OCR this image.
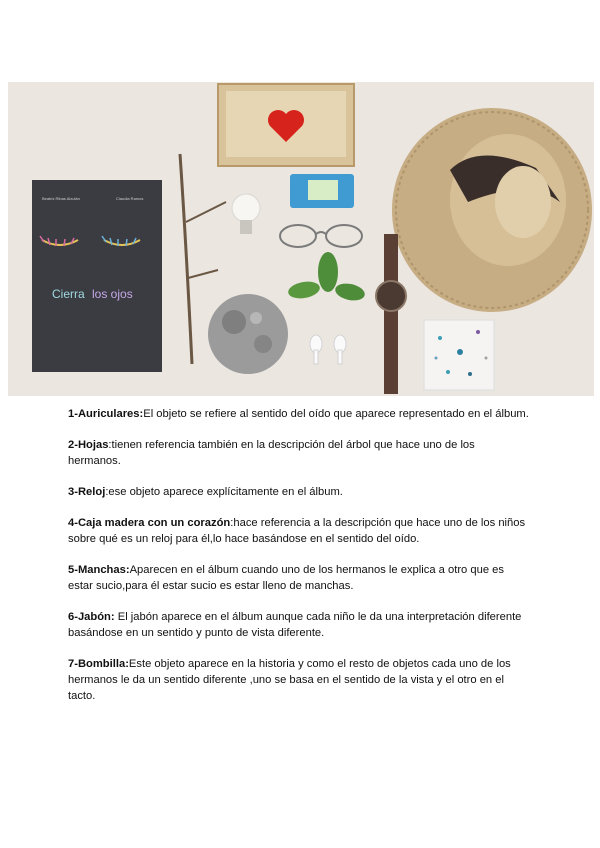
Beatriz Ribas Alzulán	Claudia Ramos
Cierra los ojos

1-Auriculares:El objeto se refiere al sentido del oído que aparece representado en el álbum.

2-Hojas:tienen referencia también en la descripción del árbol que hace uno de los hermanos.

3-Reloj:ese objeto aparece explícitamente en el álbum.

4-Caja madera con un corazón:hace referencia a la descripción que hace uno de los niños sobre qué es un reloj para él,lo hace basándose en el sentido del oído.

5-Manchas:Aparecen en el álbum cuando uno de los hermanos le explica a otro que es estar sucio,para él estar sucio es estar lleno de manchas.

6-Jabón: El jabón aparece en el álbum aunque cada niño le da una interpretación diferente basándose en un sentido y punto de vista diferente.

7-Bombilla:Este objeto aparece en la historia y como el resto de objetos cada uno de los hermanos le da un sentido diferente ,uno se basa en el sentido de la vista y el otro en el tacto.
